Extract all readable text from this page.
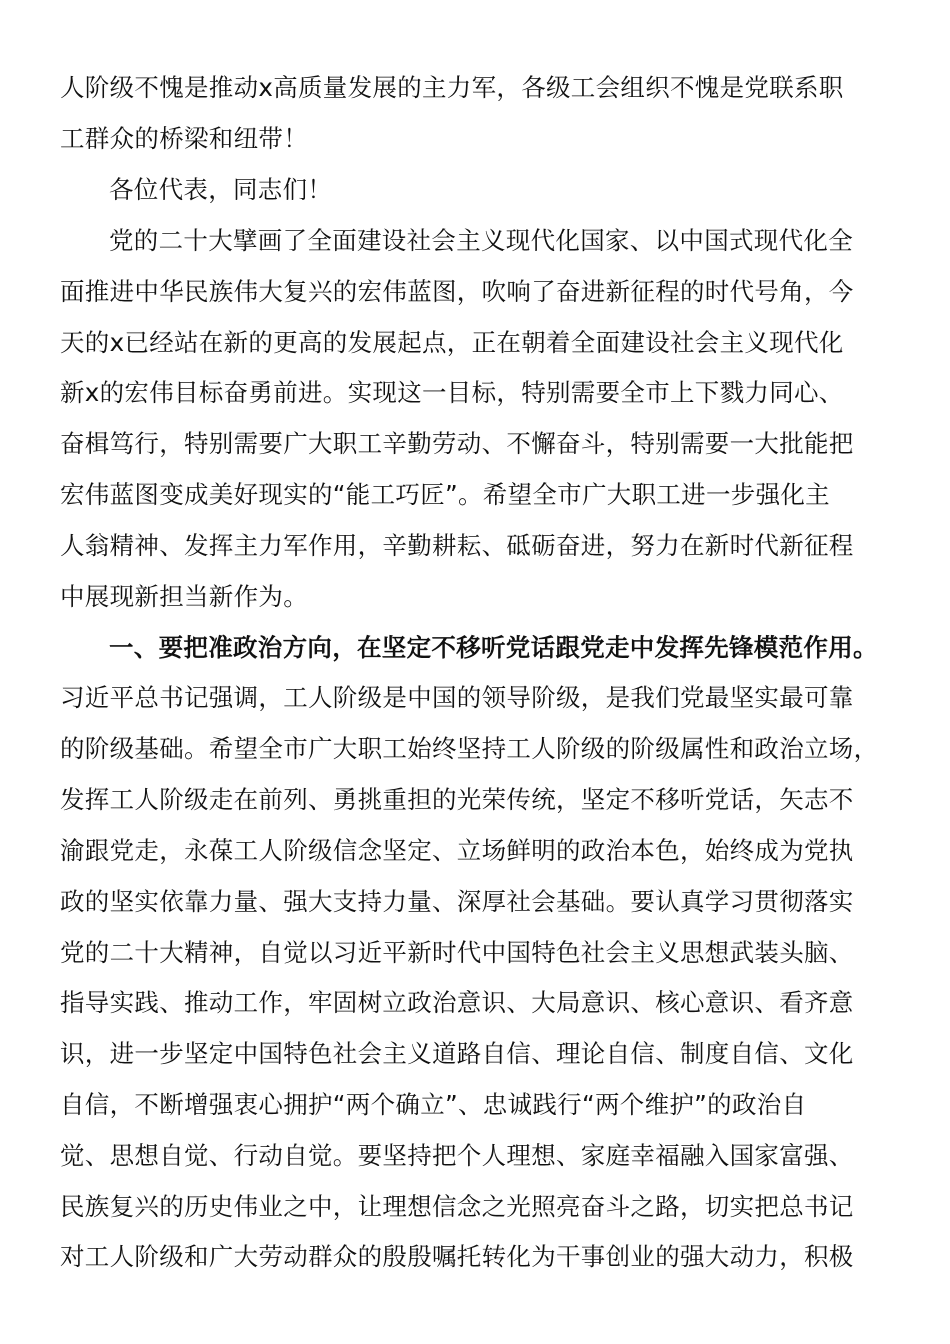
人阶级不愧是推动x高质量发展的主力军，各级工会组织不愧是党联系职
工群众的桥梁和纽带！
各位代表，同志们！
党的二十大擘画了全面建设社会主义现代化国家、以中国式现代化全
面推进中华民族伟大复兴的宏伟蓝图，吹响了奋进新征程的时代号角，今
天的x已经站在新的更高的发展起点，正在朝着全面建设社会主义现代化
新x的宏伟目标奋勇前进。实现这一目标，特别需要全市上下戮力同心、
奋楫笃行，特别需要广大职工辛勤劳动、不懈奋斗，特别需要一大批能把
宏伟蓝图变成美好现实的“能工巧匠”。希望全市广大职工进一步强化主
人翁精神、发挥主力军作用，辛勤耕耘、砥砺奋进，努力在新时代新征程
中展现新担当新作为。
一、要把准政治方向，在坚定不移听党话跟党走中发挥先锋模范作用。
习近平总书记强调，工人阶级是中国的领导阶级，是我们党最坚实最可靠
的阶级基础。希望全市广大职工始终坚持工人阶级的阶级属性和政治立场，
发挥工人阶级走在前列、勇挑重担的光荣传统，坚定不移听党话，矢志不
渝跟党走，永葆工人阶级信念坚定、立场鲜明的政治本色，始终成为党执
政的坚实依靠力量、强大支持力量、深厚社会基础。要认真学习贯彻落实
党的二十大精神，自觉以习近平新时代中国特色社会主义思想武装头脑、
指导实践、推动工作，牢固树立政治意识、大局意识、核心意识、看齐意
识，进一步坚定中国特色社会主义道路自信、理论自信、制度自信、文化
自信，不断增强衷心拥护“两个确立”、忠诚践行“两个维护”的政治自
觉、思想自觉、行动自觉。要坚持把个人理想、家庭幸福融入国家富强、
民族复兴的历史伟业之中，让理想信念之光照亮奋斗之路，切实把总书记
对工人阶级和广大劳动群众的殷殷嘱托转化为干事创业的强大动力，积极
